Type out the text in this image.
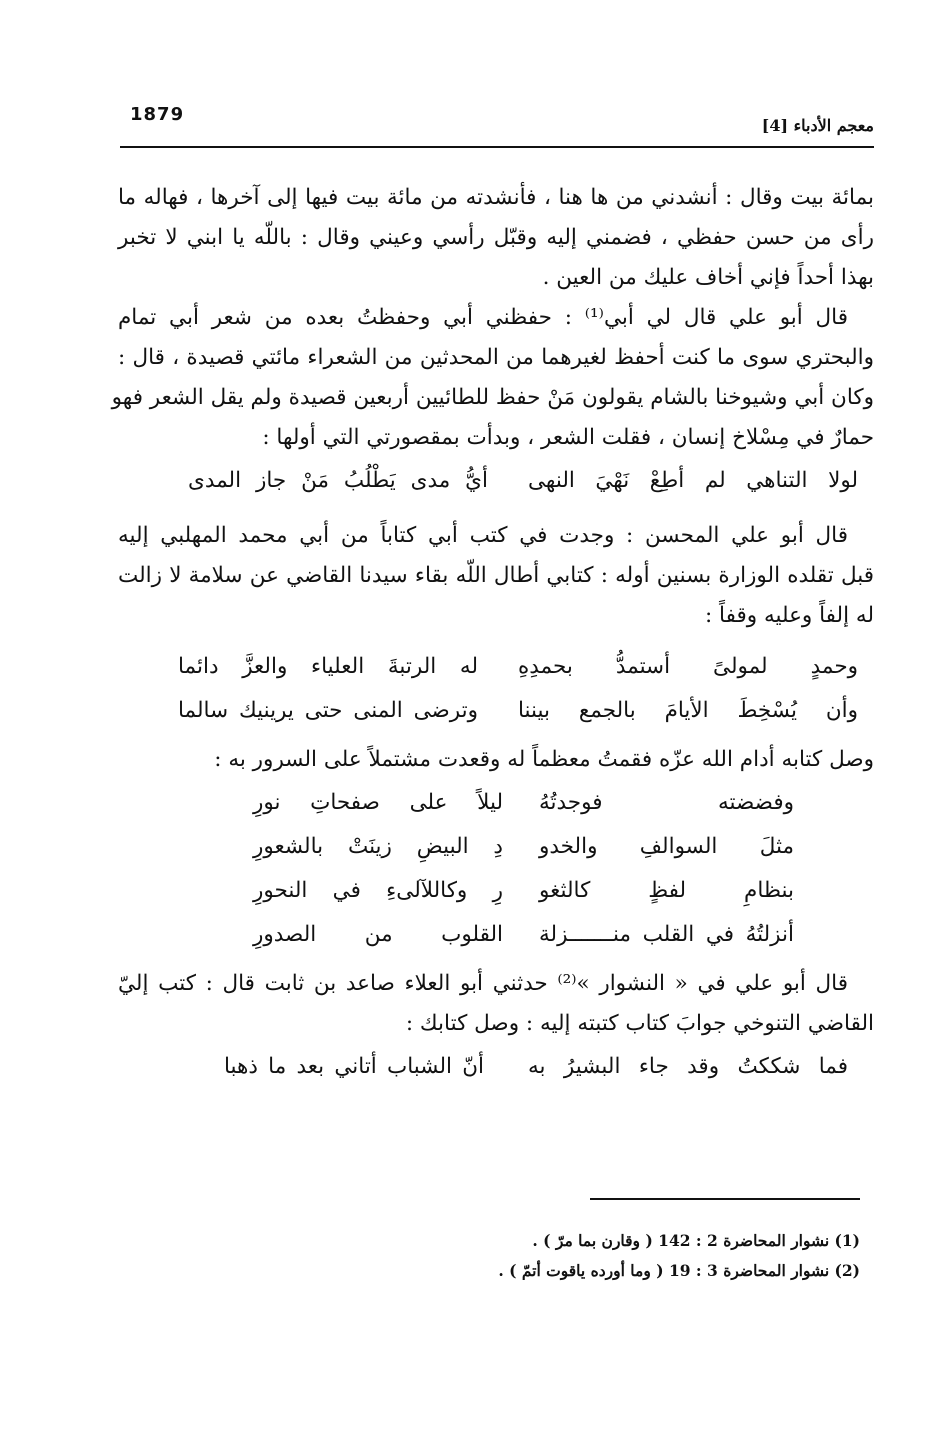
1879
معجم الأدباء [4]
بمائة بيت وقال : أنشدني من ها هنا ، فأنشدته من مائة بيت فيها إلى آخرها ، فهاله ما
رأى من حسن حفظي ، فضمني إليه وقبّل رأسي وعيني وقال : باللّه يا ابني لا تخبر
بهذا أحداً فإني أخاف عليك من العين .
قال أبو علي قال لي أبي⁽¹⁾ : حفظني أبي وحفظتُ بعده من شعر أبي تمام
والبحتري سوى ما كنت أحفظ لغيرهما من المحدثين من الشعراء مائتي قصيدة ، قال :
وكان أبي وشيوخنا بالشام يقولون مَنْ حفظ للطائيين أربعين قصيدة ولم يقل الشعر فهو
حمارٌ في مِسْلاخ إنسان ، فقلت الشعر ، وبدأت بمقصورتي التي أولها :
لولا التناهي لم أطِعْ نَهْيَ النهى
أيُّ مدى يَطْلُبُ مَنْ جاز المدى
قال أبو علي المحسن : وجدت في كتب أبي كتاباً من أبي محمد المهلبي إليه
قبل تقلده الوزارة بسنين أوله : كتابي أطال اللّه بقاء سيدنا القاضي عن سلامة لا زالت
له إلفاً وعليه وقفاً :
وحمدٍ لمولىً أستمدُّ بحمدِهِ
له الرتبةَ العلياء والعزَّ دائما
وأن يُسْخِطَ الأيامَ بالجمع بيننا
وترضى المنى حتى يرينيك سالما
وصل كتابه أدام الله عزّه فقمتُ معظماً له وقعدت مشتملاً على السرور به :
وفضضته فوجدتُهُ
ليلاً على صفحاتِ نورِ
مثلَ السوالفِ والخدو
دِ البيضِ زينَتْ بالشعورِ
بنظامِ لفظٍ كالثغو
رِ وكاللآلىءِ في النحورِ
أنزلتُهُ في القلب منـــــــزلة
القلوب من الصدورِ
قال أبو علي في « النشوار »⁽²⁾ حدثني أبو العلاء صاعد بن ثابت قال : كتب إليّ
القاضي التنوخي جوابَ كتاب كتبته إليه : وصل كتابك :
فما شككتُ وقد جاء البشيرُ به
أنّ الشباب أتاني بعد ما ذهبا
(1) نشوار المحاضرة 2 : 142 ( وقارن بما مرّ ) .
(2) نشوار المحاضرة 3 : 19 ( وما أورده ياقوت أتمّ ) .
